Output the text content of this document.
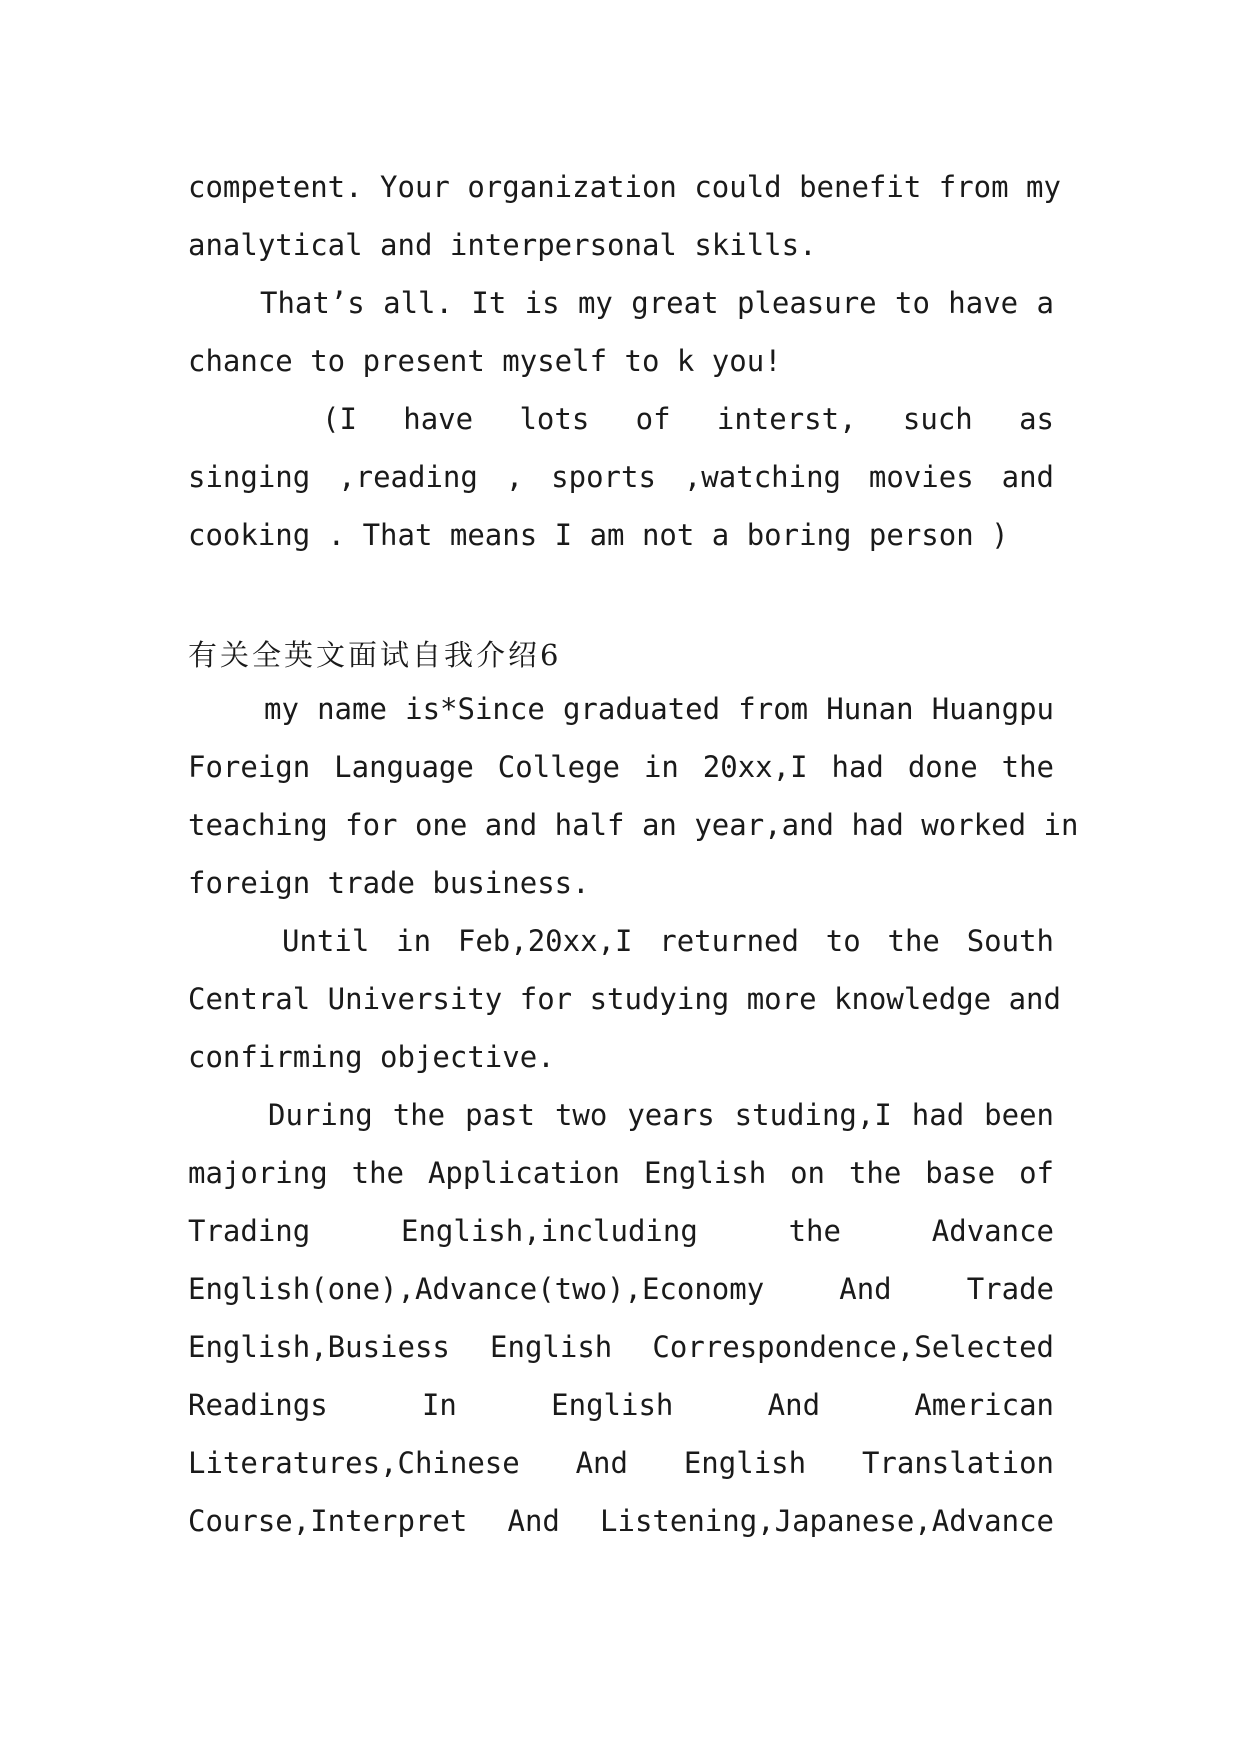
competent. Your organization could benefit from my
analytical and interpersonal skills.
That’s all. It is my great pleasure to have a
chance to present myself to k you!
(I have lots of interst, such as
singing ,reading , sports ,watching movies and
cooking . That means I am not a boring person )
有关全英文面试自我介绍6
my name is*Since graduated from Hunan Huangpu
Foreign Language College in 20xx,I had done the
teaching for one and half an year,and had worked in
foreign trade business.
Until in Feb,20xx,I returned to the South
Central University for studying more knowledge and
confirming objective.
During the past two years studing,I had been
majoring the Application English on the base of
Trading English,including the Advance
English(one),Advance(two),Economy And Trade
English,Busiess English Correspondence,Selected
Readings In English And American
Literatures,Chinese And English Translation
Course,Interpret And Listening,Japanese,Advance
